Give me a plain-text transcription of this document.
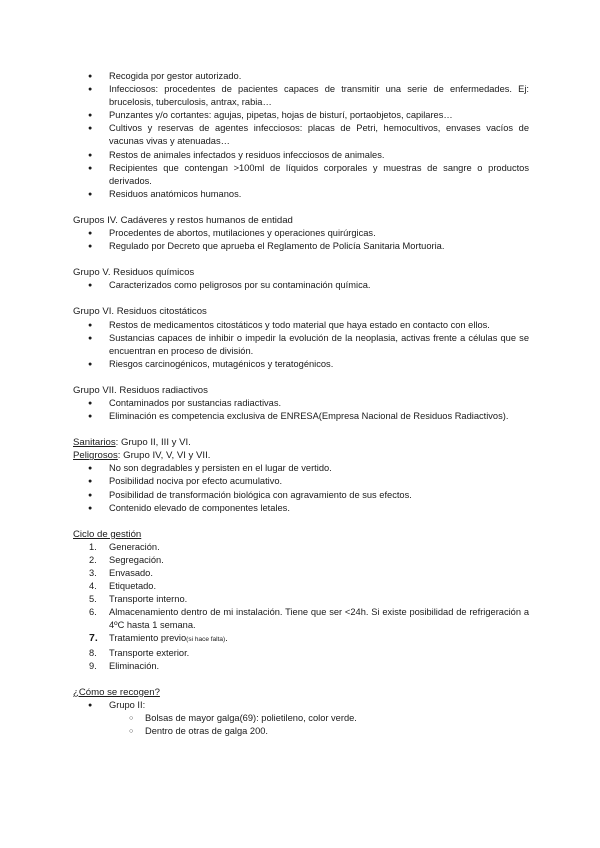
● Recogida por gestor autorizado.
● Infecciosos: procedentes de pacientes capaces de transmitir una serie de enfermedades. Ej: brucelosis, tuberculosis, antrax, rabia…
● Punzantes y/o cortantes: agujas, pipetas, hojas de bisturí, portaobjetos, capilares…
● Cultivos y reservas de agentes infecciosos: placas de Petri, hemocultivos, envases vacíos de vacunas vivas y atenuadas…
● Restos de animales infectados y residuos infecciosos de animales.
● Recipientes que contengan >100ml de líquidos corporales y muestras de sangre o productos derivados.
● Residuos anatómicos humanos.

Grupos IV. Cadáveres y restos humanos de entidad

● Procedentes de abortos, mutilaciones y operaciones quirúrgicas.
● Regulado por Decreto que aprueba el Reglamento de Policía Sanitaria Mortuoria.

Grupo V. Residuos químicos

● Caracterizados como peligrosos por su contaminación química.

Grupo VI. Residuos citostáticos

● Restos de medicamentos citostáticos y todo material que haya estado en contacto con ellos.
● Sustancias capaces de inhibir o impedir la evolución de la neoplasia, activas frente a células que se encuentran en proceso de división.
● Riesgos carcinogénicos, mutagénicos y teratogénicos.

Grupo VII. Residuos radiactivos

● Contaminados por sustancias radiactivas.
● Eliminación es competencia exclusiva de ENRESA(Empresa Nacional de Residuos Radiactivos).

Sanitarios: Grupo II, III y VI.

Peligrosos: Grupo IV, V, VI y VII.

● No son degradables y persisten en el lugar de vertido.
● Posibilidad nociva por efecto acumulativo.
● Posibilidad de transformación biológica con agravamiento de sus efectos.
● Contenido elevado de componentes letales.

Ciclo de gestión

1. Generación.
2. Segregación.
3. Envasado.
4. Etiquetado.
5. Transporte interno.
6. Almacenamiento dentro de mi instalación. Tiene que ser <24h. Si existe posibilidad de refrigeración a 4ºC hasta 1 semana.
7. Tratamiento previo(si hace falta).
8. Transporte exterior.
9. Eliminación.

¿Cómo se recogen?

● Grupo II:
○ Bolsas de mayor galga(69): polietileno, color verde.
○ Dentro de otras de galga 200.
